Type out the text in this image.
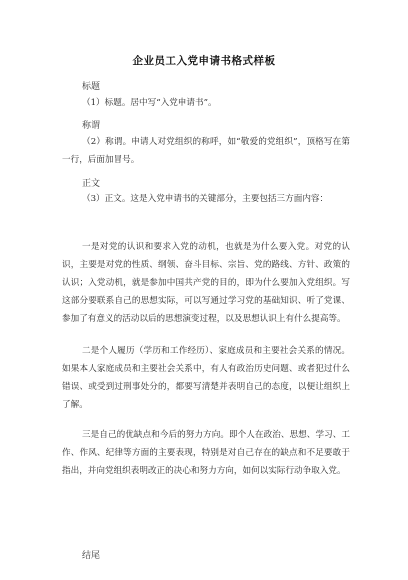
企业员工入党申请书格式样板
标题

（1）标题。居中写“入党申请书”。

称谓

（2）称谓。申请人对党组织的称呼，如“敬爱的党组织”，顶格写在第一行，后面加冒号。

正文

（3）正文。这是入党申请书的关键部分，主要包括三方面内容：

一是对党的认识和要求入党的动机，也就是为什么要入党。对党的认识，主要是对党的性质、纲领、奋斗目标、宗旨、党的路线、方针、政策的认识；入党动机，就是参加中国共产党的目的，即为什么要加入党组织。写这部分要联系自己的思想实际，可以写通过学习党的基础知识、听了党课、参加了有意义的活动以后的思想演变过程，以及思想认识上有什么提高等。

二是个人履历（学历和工作经历）、家庭成员和主要社会关系的情况。如果本人家庭成员和主要社会关系中，有人有政治历史问题、或者犯过什么错误、或受到过刑事处分的，都要写清楚并表明自己的态度，以便让组织上了解。

三是自己的优缺点和今后的努力方向。即个人在政治、思想、学习、工作、作风、纪律等方面的主要表现，特别是对自己存在的缺点和不足要敢于指出，并向党组织表明改正的决心和努力方向，如何以实际行动争取入党。

结尾
